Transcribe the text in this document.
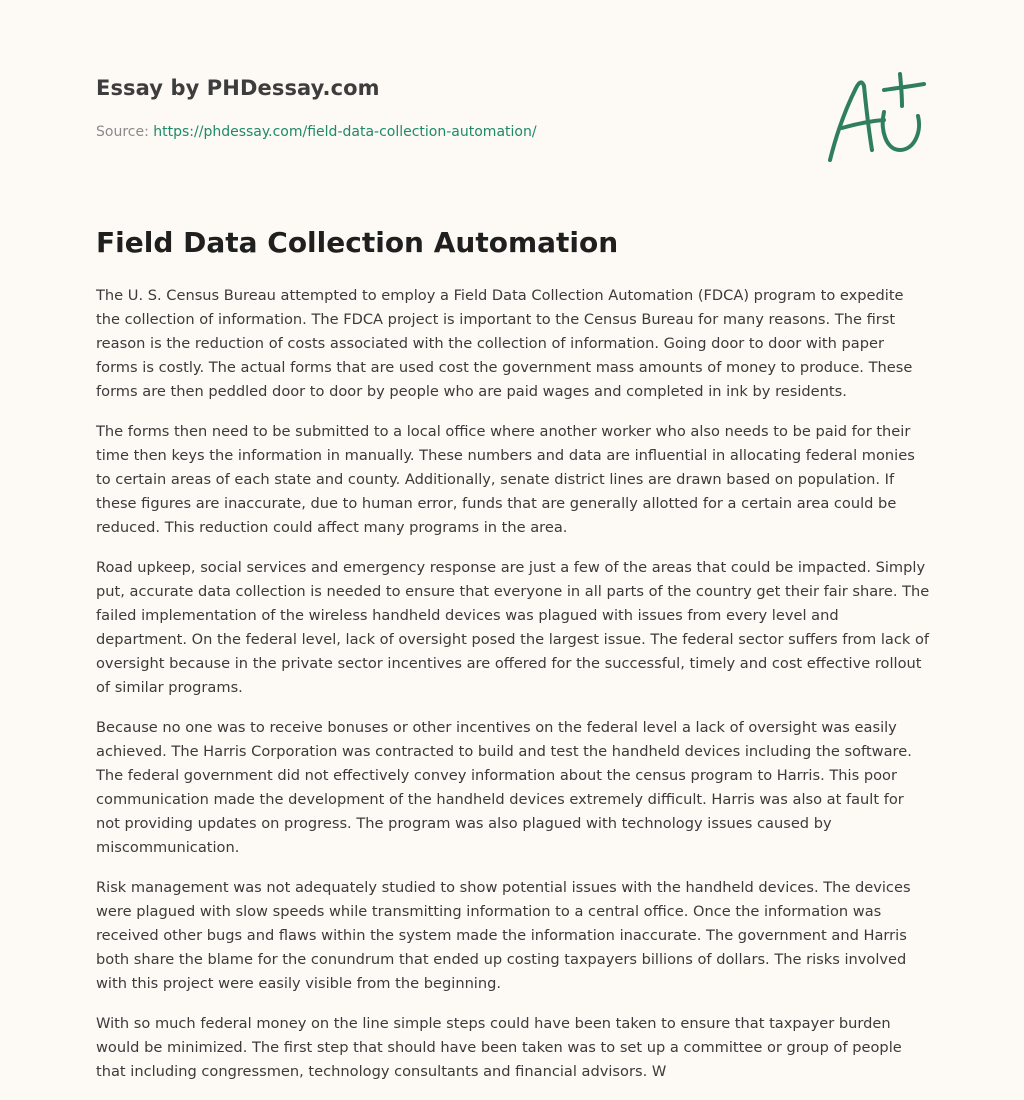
Essay by PHDessay.com
Source: https://phdessay.com/field-data-collection-automation/
Field Data Collection Automation

The U. S. Census Bureau attempted to employ a Field Data Collection Automation (FDCA) program to expedite the collection of information. The FDCA project is important to the Census Bureau for many reasons. The first reason is the reduction of costs associated with the collection of information. Going door to door with paper forms is costly. The actual forms that are used cost the government mass amounts of money to produce. These forms are then peddled door to door by people who are paid wages and completed in ink by residents.

The forms then need to be submitted to a local office where another worker who also needs to be paid for their time then keys the information in manually. These numbers and data are influential in allocating federal monies to certain areas of each state and county. Additionally, senate district lines are drawn based on population. If these figures are inaccurate, due to human error, funds that are generally allotted for a certain area could be reduced. This reduction could affect many programs in the area.

Road upkeep, social services and emergency response are just a few of the areas that could be impacted. Simply put, accurate data collection is needed to ensure that everyone in all parts of the country get their fair share. The failed implementation of the wireless handheld devices was plagued with issues from every level and department. On the federal level, lack of oversight posed the largest issue. The federal sector suffers from lack of oversight because in the private sector incentives are offered for the successful, timely and cost effective rollout of similar programs.

Because no one was to receive bonuses or other incentives on the federal level a lack of oversight was easily achieved. The Harris Corporation was contracted to build and test the handheld devices including the software. The federal government did not effectively convey information about the census program to Harris. This poor communication made the development of the handheld devices extremely difficult. Harris was also at fault for not providing updates on progress. The program was also plagued with technology issues caused by miscommunication.

Risk management was not adequately studied to show potential issues with the handheld devices. The devices were plagued with slow speeds while transmitting information to a central office. Once the information was received other bugs and flaws within the system made the information inaccurate. The government and Harris both share the blame for the conundrum that ended up costing taxpayers billions of dollars. The risks involved with this project were easily visible from the beginning.

With so much federal money on the line simple steps could have been taken to ensure that taxpayer burden would be minimized. The first step that should have been taken was to set up a committee or group of people that including congressmen, technology consultants and financial advisors. W
